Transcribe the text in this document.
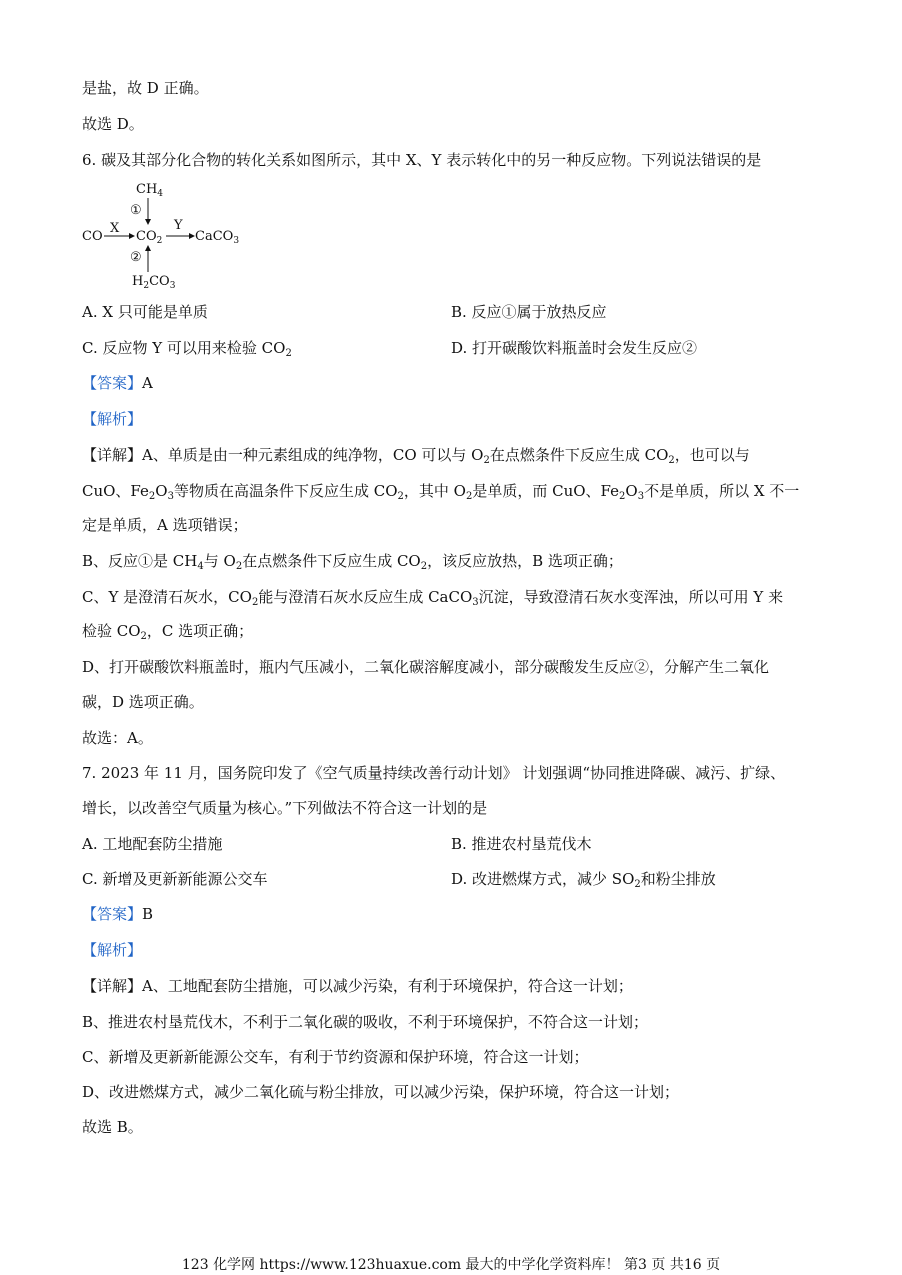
是盐，故 D 正确。
故选 D。
6. 碳及其部分化合物的转化关系如图所示，其中 X、Y 表示转化中的另一种反应物。下列说法错误的是
$CH_4$
①
CO
X
$CO_2$
Y
CaCO$_3$
②
$H_2CO_3$
A. X 只可能是单质	B. 反应①属于放热反应
C. 反应物 Y 可以用来检验 $CO_2$	D. 打开碳酸饮料瓶盖时会发生反应②
【答案】A
【解析】
【详解】A、单质是由一种元素组成的纯净物，CO 可以与 $O_2$在点燃条件下反应生成 $CO_2$，也可以与
CuO、$Fe_2O_3$等物质在高温条件下反应生成 $CO_2$，其中 $O_2$是单质，而 CuO、$Fe_2O_3$不是单质，所以 X 不一
定是单质，A 选项错误；
B、反应①是 $CH_4$与 $O_2$在点燃条件下反应生成 $CO_2$，该反应放热，B 选项正确；
C、Y 是澄清石灰水，$CO_2$能与澄清石灰水反应生成 CaCO$_3$沉淀，导致澄清石灰水变浑浊，所以可用 Y 来
检验 $CO_2$，C 选项正确；
D、打开碳酸饮料瓶盖时，瓶内气压减小，二氧化碳溶解度减小，部分碳酸发生反应②，分解产生二氧化
碳，D 选项正确。
故选：A。
7. 2023 年 11 月，国务院印发了《空气质量持续改善行动计划》 计划强调“协同推进降碳、减污、扩绿、
增长，以改善空气质量为核心。”下列做法不符合这一计划的是
A. 工地配套防尘措施	B. 推进农村垦荒伐木
C. 新增及更新新能源公交车	D. 改进燃煤方式，减少 $SO_2$和粉尘排放
【答案】B
【解析】
【详解】A、工地配套防尘措施，可以减少污染，有利于环境保护，符合这一计划；
B、推进农村垦荒伐木，不利于二氧化碳的吸收，不利于环境保护，不符合这一计划；
C、新增及更新新能源公交车，有利于节约资源和保护环境，符合这一计划；
D、改进燃煤方式，减少二氧化硫与粉尘排放，可以减少污染，保护环境，符合这一计划；
故选 B。
123 化学网 https://www.123huaxue.com 最大的中学化学资料库！ 第3 页 共16 页
